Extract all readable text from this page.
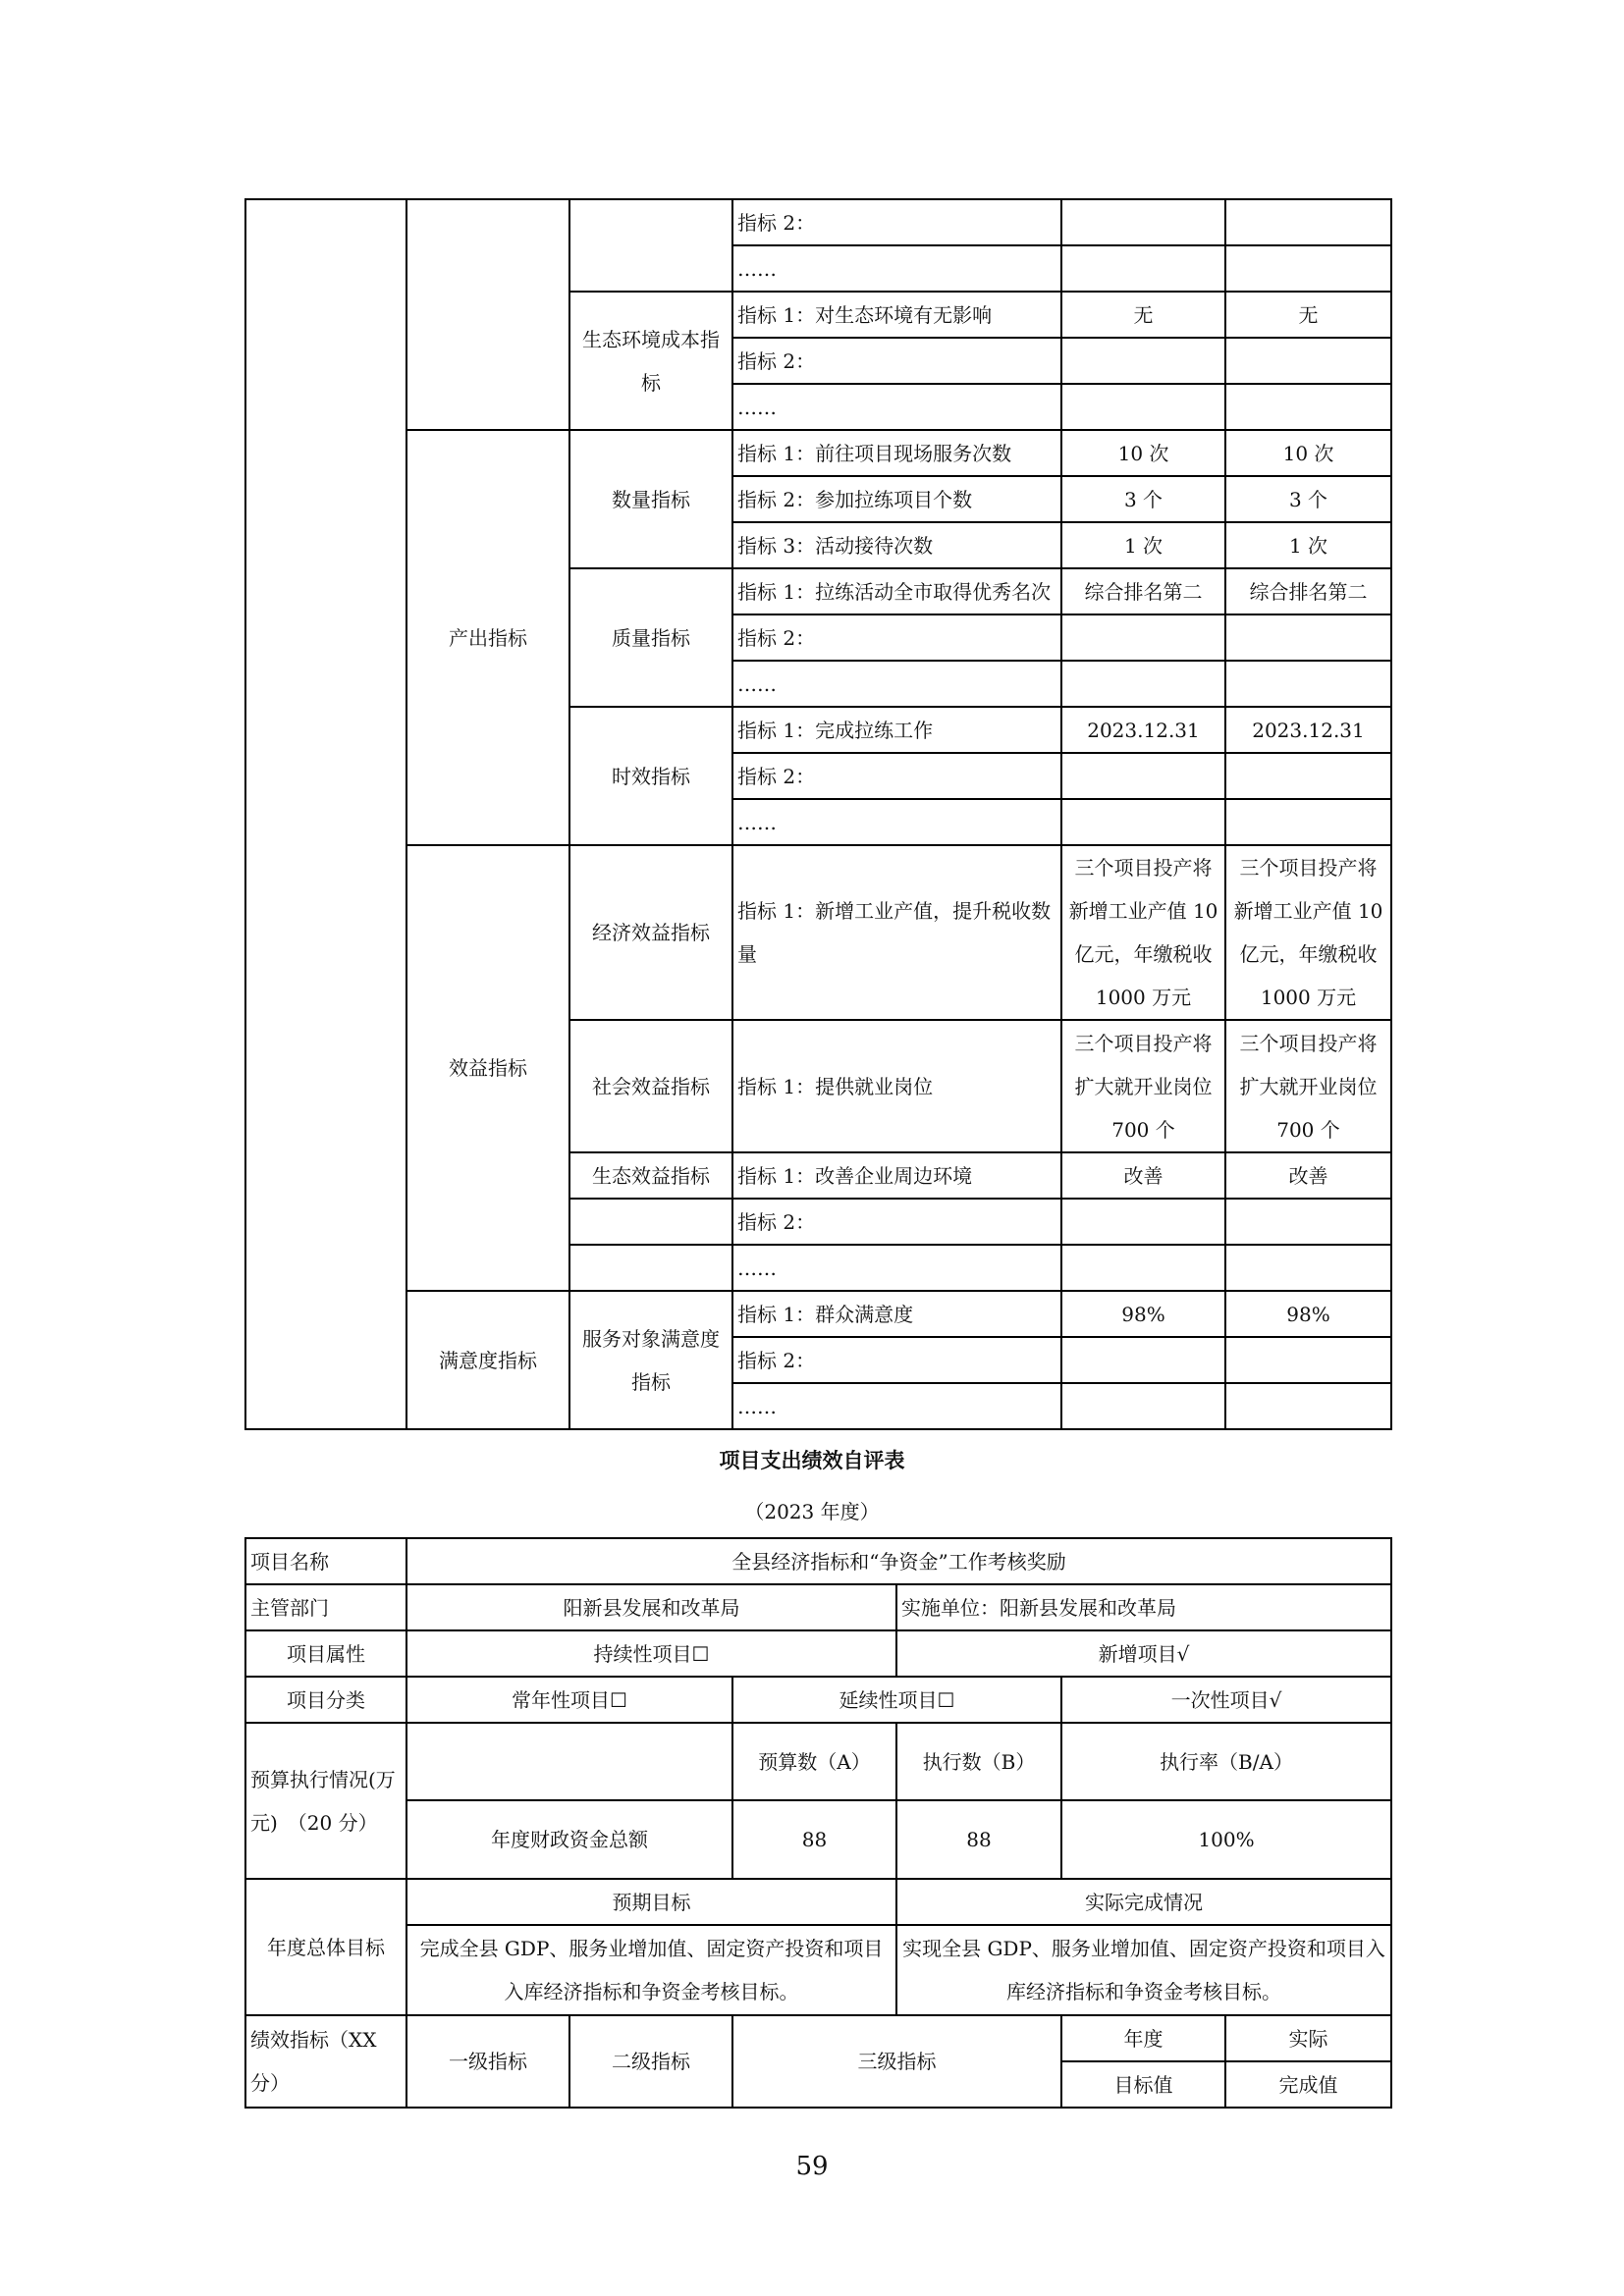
			指标 2：		
			……		
		生态环境成本指标	指标 1：对生态环境有无影响	无	无
			指标 2：		
			……		
	产出指标	数量指标	指标 1：前往项目现场服务次数	10 次	10 次
			指标 2：参加拉练项目个数	3 个	3 个
			指标 3：活动接待次数	1 次	1 次
		质量指标	指标 1：拉练活动全市取得优秀名次	综合排名第二	综合排名第二
			指标 2：		
			……		
		时效指标	指标 1：完成拉练工作	2023.12.31	2023.12.31
			指标 2：		
			……		
	效益指标	经济效益指标	指标 1：新增工业产值，提升税收数量	三个项目投产将新增工业产值 10 亿元，年缴税收 1000 万元	三个项目投产将新增工业产值 10 亿元，年缴税收 1000 万元
		社会效益指标	指标 1：提供就业岗位	三个项目投产将扩大就开业岗位 700 个	三个项目投产将扩大就开业岗位 700 个
		生态效益指标	指标 1：改善企业周边环境	改善	改善
			指标 2：		
			……		
	满意度指标	服务对象满意度指标	指标 1：群众满意度	98%	98%
			指标 2：		
			……		
项目支出绩效自评表
（2023 年度）
项目名称	全县经济指标和“争资金”工作考核奖励					
主管部门	阳新县发展和改革局			实施单位：阳新县发展和改革局		
项目属性	持续性项目☐			新增项目√		
项目分类	常年性项目☐		延续性项目☐		一次性项目√	
预算执行情况(万元)　（20 分）			预算数（A）	执行数（B）	执行率（B/A）	
	年度财政资金总额		88	88	100%	
年度总体目标	预期目标			实际完成情况		
	完成全县 GDP、服务业增加值、固定资产投资和项目入库经济指标和争资金考核目标。			实现全县 GDP、服务业增加值、固定资产投资和项目入库经济指标和争资金考核目标。		
绩效指标（XX 分）	一级指标	二级指标	三级指标		年度	实际
					目标值	完成值
59
